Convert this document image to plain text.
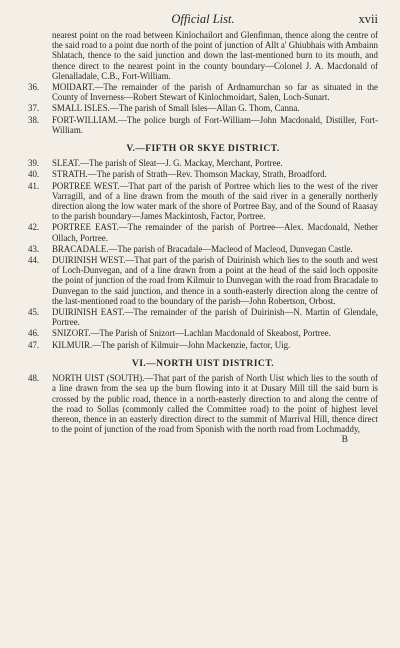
Official List.	xvii

nearest point on the road between Kinlochailort and Glenfinnan, thence along the centre of the said road to a point due north of the point of junction of Allt a' Ghiubhais with Ambainn Shlatach, thence to the said junction and down the last-mentioned burn to its mouth, and thence direct to the nearest point in the county boundary—Colonel J. A. Macdonald of Glenalladale, C.B., Fort-William.

36.	MOIDART.—The remainder of the parish of Ardnamurchan so far as situated in the County of Inverness—Robert Stewart of Kinlochmoidart, Salen, Loch-Sunart.
37.	SMALL ISLES.—The parish of Small Isles—Allan G. Thom, Canna.
38.	FORT-WILLIAM.—The police burgh of Fort-William—John Macdonald, Distiller, Fort-William.
V.—FIFTH OR SKYE DISTRICT.
39.	SLEAT.—The parish of Sleat—J. G. Mackay, Merchant, Portree.
40.	STRATH.—The parish of Strath—Rev. Thomson Mackay, Strath, Broadford.
41.	PORTREE WEST.—That part of the parish of Portree which lies to the west of the river Varragill, and of a line drawn from the mouth of the said river in a generally northerly direction along the low water mark of the shore of Portree Bay, and of the Sound of Raasay to the parish boundary—James Mackintosh, Factor, Portree.
42.	PORTREE EAST.—The remainder of the parish of Portree—Alex. Macdonald, Nether Ollach, Portree.
43.	BRACADALE.—The parish of Bracadale—Macleod of Macleod, Dunvegan Castle.
44.	DUIRINISH WEST.—That part of the parish of Duirinish which lies to the south and west of Loch-Dunvegan, and of a line drawn from a point at the head of the said loch opposite the point of junction of the road from Kilmuir to Dunvegan with the road from Bracadale to Dunvegan to the said junction, and thence in a south-easterly direction along the centre of the last-mentioned road to the boundary of the parish—John Robertson, Orbost.
45.	DUIRINISH EAST.—The remainder of the parish of Duirinish—N. Martin of Glendale, Portree.
46.	SNIZORT.—The Parish of Snizort—Lachlan Macdonald of Skeabost, Portree.
47.	KILMUIR.—The parish of Kilmuir—John Mackenzie, factor, Uig.
VI.—NORTH UIST DISTRICT.
48.	NORTH UIST (SOUTH).—That part of the parish of North Uist which lies to the south of a line drawn from the sea up the burn flowing into it at Dusary Mill till the said burn is crossed by the public road, thence in a north-easterly direction to and along the centre of the road to Sollas (commonly called the Committee road) to the point of highest level thereon, thence in an easterly direction direct to the summit of Marrival Hill, thence direct to the point of junction of the road from Sponish with the north road from Lochmaddy,
B
